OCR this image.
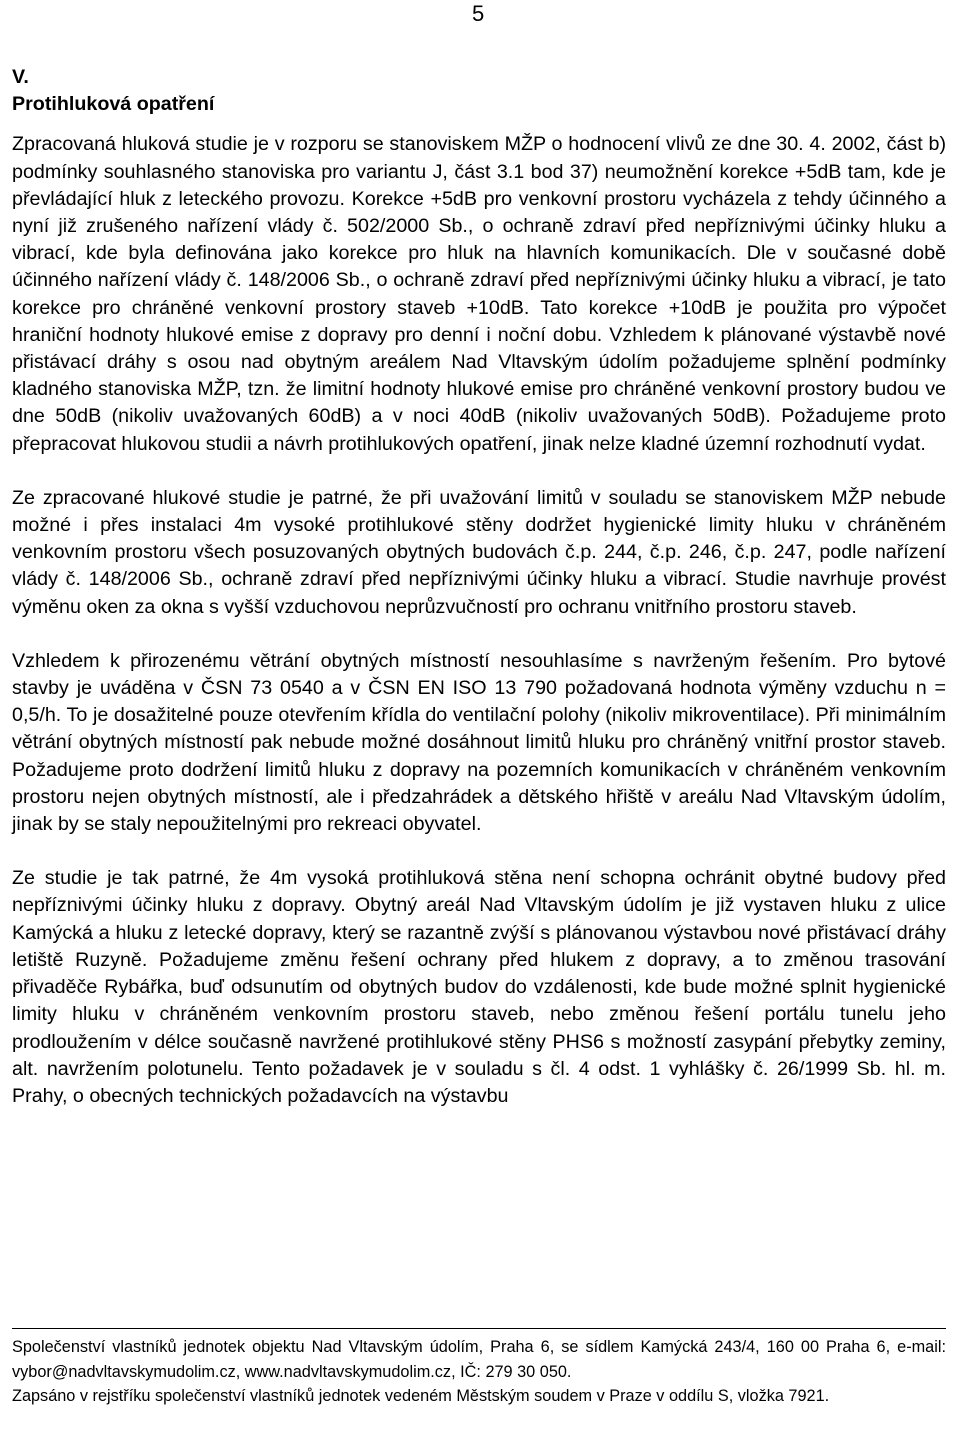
5
V.
Protihluková opatření

Zpracovaná hluková studie je v rozporu se stanoviskem MŽP o hodnocení vlivů ze dne 30. 4. 2002, část b) podmínky souhlasného stanoviska pro variantu J, část 3.1 bod 37) neumožnění korekce +5dB tam, kde je převládající hluk z leteckého provozu. Korekce +5dB pro venkovní prostoru vycházela z tehdy účinného a nyní již zrušeného nařízení vlády č. 502/2000 Sb., o ochraně zdraví před nepříznivými účinky hluku a vibrací, kde byla definována jako korekce pro hluk na hlavních komunikacích. Dle v současné době účinného nařízení vlády č. 148/2006 Sb., o ochraně zdraví před nepříznivými účinky hluku a vibrací, je tato korekce pro chráněné venkovní prostory staveb +10dB. Tato korekce +10dB je použita pro výpočet hraniční hodnoty hlukové emise z dopravy pro denní i noční dobu. Vzhledem k plánované výstavbě nové přistávací dráhy s osou nad obytným areálem Nad Vltavským údolím požadujeme splnění podmínky kladného stanoviska MŽP, tzn. že limitní hodnoty hlukové emise pro chráněné venkovní prostory budou ve dne 50dB (nikoliv uvažovaných 60dB) a v noci 40dB (nikoliv uvažovaných 50dB). Požadujeme proto přepracovat hlukovou studii a návrh protihlukových opatření, jinak nelze kladné územní rozhodnutí vydat.

Ze zpracované hlukové studie je patrné, že při uvažování limitů v souladu se stanoviskem MŽP nebude možné i přes instalaci 4m vysoké protihlukové stěny dodržet hygienické limity hluku v chráněném venkovním prostoru všech posuzovaných obytných budovách č.p. 244, č.p. 246, č.p. 247, podle nařízení vlády č. 148/2006 Sb., ochraně zdraví před nepříznivými účinky hluku a vibrací. Studie navrhuje provést výměnu oken za okna s vyšší vzduchovou neprůzvučností pro ochranu vnitřního prostoru staveb.

Vzhledem k přirozenému větrání obytných místností nesouhlasíme s navrženým řešením. Pro bytové stavby je uváděna v ČSN 73 0540 a v ČSN EN ISO 13 790 požadovaná hodnota výměny vzduchu n = 0,5/h. To je dosažitelné pouze otevřením křídla do ventilační polohy (nikoliv mikroventilace). Při minimálním větrání obytných místností pak nebude možné dosáhnout limitů hluku pro chráněný vnitřní prostor staveb. Požadujeme proto dodržení limitů hluku z dopravy na pozemních komunikacích v chráněném venkovním prostoru nejen obytných místností, ale i předzahrádek a dětského hřiště v areálu Nad Vltavským údolím, jinak by se staly nepoužitelnými pro rekreaci obyvatel.

Ze studie je tak patrné, že 4m vysoká protihluková stěna není schopna ochránit obytné budovy před nepříznivými účinky hluku z dopravy. Obytný areál Nad Vltavským údolím je již vystaven hluku z ulice Kamýcká a hluku z letecké dopravy, který se razantně zvýší s plánovanou výstavbou nové přistávací dráhy letiště Ruzyně. Požadujeme změnu řešení ochrany před hlukem z dopravy, a to změnou trasování přivaděče Rybářka, buď odsunutím od obytných budov do vzdálenosti, kde bude možné splnit hygienické limity hluku v chráněném venkovním prostoru staveb, nebo změnou řešení portálu tunelu jeho prodloužením v délce současně navržené protihlukové stěny PHS6 s možností zasypání přebytky zeminy, alt. navržením polotunelu. Tento požadavek je v souladu s čl. 4 odst. 1 vyhlášky č. 26/1999 Sb. hl. m. Prahy, o obecných technických požadavcích na výstavbu

Společenství vlastníků jednotek objektu Nad Vltavským údolím, Praha 6, se sídlem Kamýcká 243/4, 160 00 Praha 6, e-mail: vybor@nadvltavskymudolim.cz, www.nadvltavskymudolim.cz, IČ: 279 30 050.
Zapsáno v rejstříku společenství vlastníků jednotek vedeném Městským soudem v Praze v oddílu S, vložka 7921.
